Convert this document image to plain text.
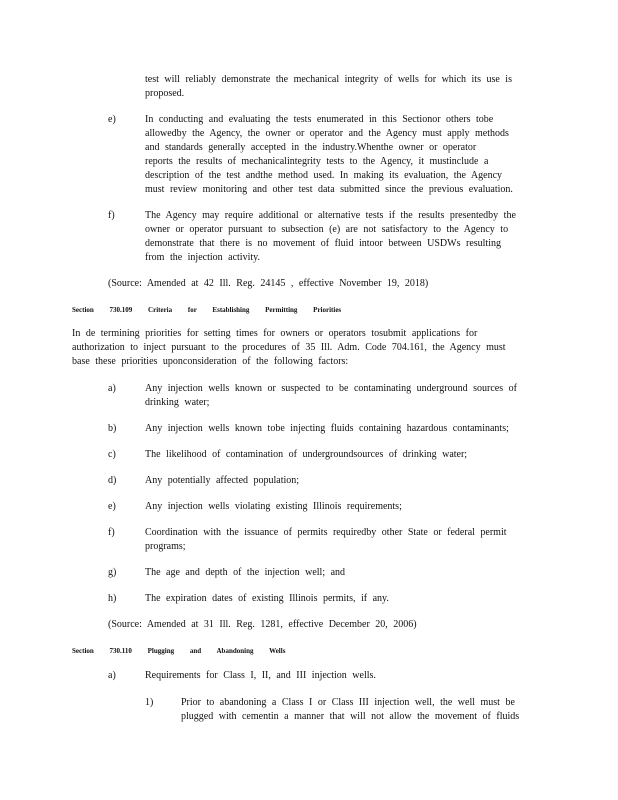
test will reliably demonstrate the mechanical integrity of wells for which its use is
proposed.
e)	In conducting and evaluating the tests enumerated in this Sectionor others tobe
allowedby the Agency, the owner or operator and the Agency must apply methods
and standards generally accepted in the industry.Whenthe owner or operator
reports the results of mechanicalintegrity tests to the Agency, it mustinclude a
description of the test andthe method used. In making its evaluation, the Agency
must review monitoring and other test data submitted since the previous evaluation.
f)	The Agency may require additional or alternative tests if the results presentedby the
owner or operator pursuant to subsection (e) are not satisfactory to the Agency to
demonstrate that there is no movement of fluid intoor between USDWs resulting
from the injection activity.
(Source: Amended at 42 Ill. Reg. 24145 , effective November 19, 2018)
Section 730.109 Criteria for Establishing Permitting Priorities
In de termining priorities for setting times for owners or operators tosubmit applications for
authorization to inject pursuant to the procedures of 35 Ill. Adm. Code 704.161, the Agency must
base these priorities uponconsideration of the following factors:
a)	Any injection wells known or suspected to be contaminating underground sources of
drinking water;
b)	Any injection wells known tobe injecting fluids containing hazardous contaminants;
c)	The likelihood of contamination of undergroundsources of drinking water;
d)	Any potentially affected population;
e)	Any injection wells violating existing Illinois requirements;
f)	Coordination with the issuance of permits requiredby other State or federal permit
programs;
g)	The age and depth of the injection well; and
h)	The expiration dates of existing Illinois permits, if any.
(Source: Amended at 31 Ill. Reg. 1281, effective December 20, 2006)
Section 730.110 Plugging and Abandoning Wells
a)	Requirements for Class I, II, and III injection wells.
1)	Prior to abandoning a Class I or Class III injection well, the well must be
plugged with cementin a manner that will not allow the movement of fluids
